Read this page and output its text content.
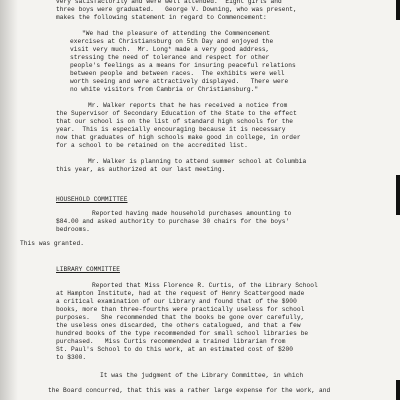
very satisfactorily and were well attended.  Eight girls and
three boys were graduated.   George V. Downing, who was present,
makes the following statement in regard to Commencement:
"We had the pleasure of attending the Commencement
exercises at Christiansburg on 5th Day and enjoyed the
visit very much.  Mr. Long* made a very good address,
stressing the need of tolerance and respect for other
people's feelings as a means for insuring peaceful relations
between people and between races.  The exhibits were well
worth seeing and were attractively displayed.   There were
no white visitors from Cambria or Christiansburg."
Mr. Walker reports that he has received a notice from
the Supervisor of Secondary Education of the State to the effect
that our school is on the list of standard high schools for the
year.  This is especially encouraging because it is necessary
now that graduates of high schools make good in college, in order
for a school to be retained on the accredited list.
Mr. Walker is planning to attend summer school at Columbia
this year, as authorized at our last meeting.
HOUSEHOLD COMMITTEE
Reported having made household purchases amounting to
$84.00 and asked authority to purchase 30 chairs for the boys'
bedrooms.
This was granted.
LIBRARY COMMITTEE
Reported that Miss Florence R. Curtis, of the Library School
at Hampton Institute, had at the request of Henry Scattergood made
a critical examination of our Library and found that of the $900
books, more than three-fourths were practically useless for school
purposes.   She recommended that the books be gone over carefully,
the useless ones discarded, the others catalogued, and that a few
hundred books of the type recommended for small school libraries be
purchased.   Miss Curtis recommended a trained librarian from
St. Paul's School to do this work, at an estimated cost of $200
to $300.
It was the judgment of the Library Committee, in which
the Board concurred, that this was a rather large expense for the work, and
